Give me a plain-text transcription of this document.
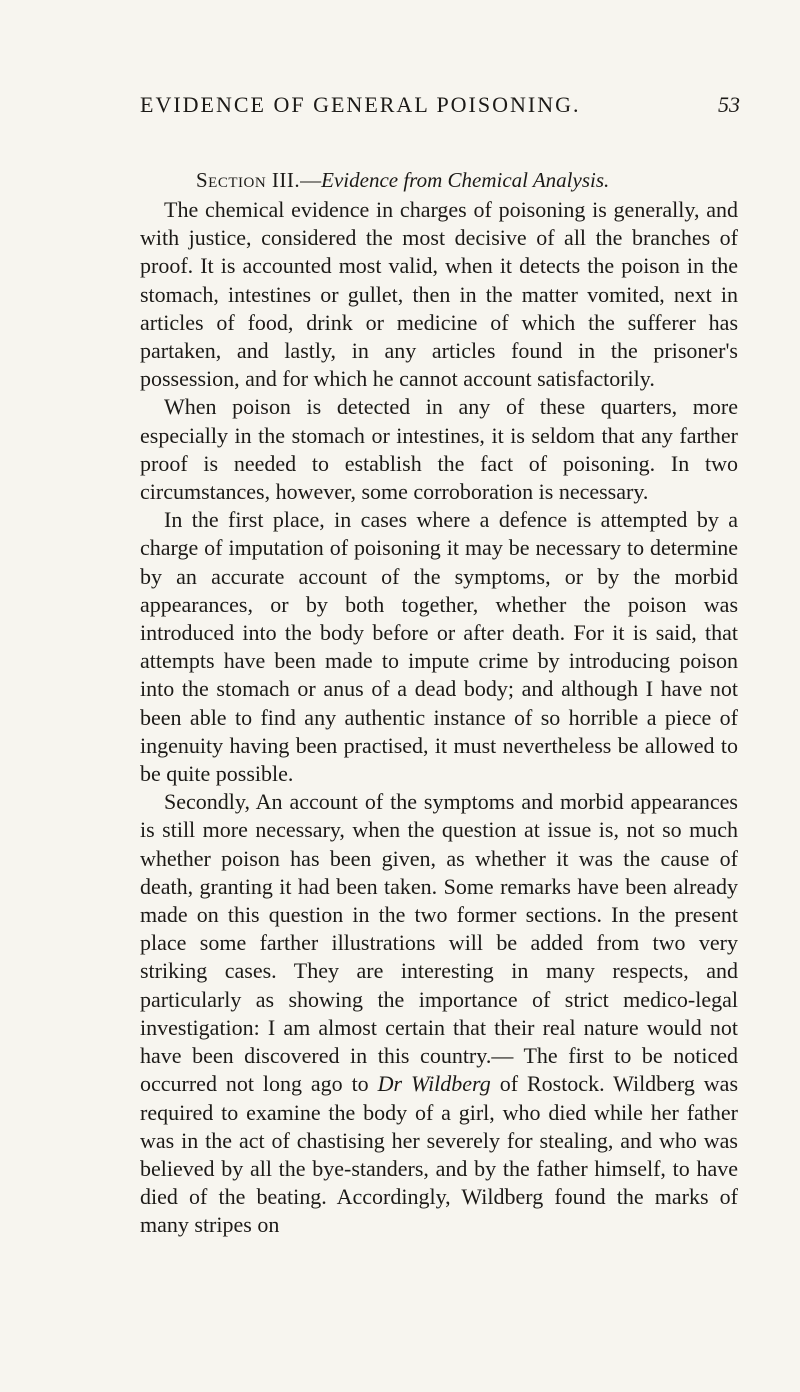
EVIDENCE OF GENERAL POISONING.	53
Section III.—Evidence from Chemical Analysis.

The chemical evidence in charges of poisoning is generally, and with justice, considered the most decisive of all the branches of proof. It is accounted most valid, when it detects the poison in the stomach, intestines or gullet, then in the matter vomited, next in articles of food, drink or medicine of which the sufferer has partaken, and lastly, in any articles found in the prisoner's possession, and for which he cannot account satisfactorily.

When poison is detected in any of these quarters, more especially in the stomach or intestines, it is seldom that any farther proof is needed to establish the fact of poisoning. In two circumstances, however, some corroboration is necessary.

In the first place, in cases where a defence is attempted by a charge of imputation of poisoning it may be necessary to determine by an accurate account of the symptoms, or by the morbid appearances, or by both together, whether the poison was introduced into the body before or after death. For it is said, that attempts have been made to impute crime by introducing poison into the stomach or anus of a dead body; and although I have not been able to find any authentic instance of so horrible a piece of ingenuity having been practised, it must nevertheless be allowed to be quite possible.

Secondly, An account of the symptoms and morbid appearances is still more necessary, when the question at issue is, not so much whether poison has been given, as whether it was the cause of death, granting it had been taken. Some remarks have been already made on this question in the two former sections. In the present place some farther illustrations will be added from two very striking cases. They are interesting in many respects, and particularly as showing the importance of strict medico-legal investigation: I am almost certain that their real nature would not have been discovered in this country.— The first to be noticed occurred not long ago to Dr Wildberg of Rostock. Wildberg was required to examine the body of a girl, who died while her father was in the act of chastising her severely for stealing, and who was believed by all the bye-standers, and by the father himself, to have died of the beating. Accordingly, Wildberg found the marks of many stripes on
